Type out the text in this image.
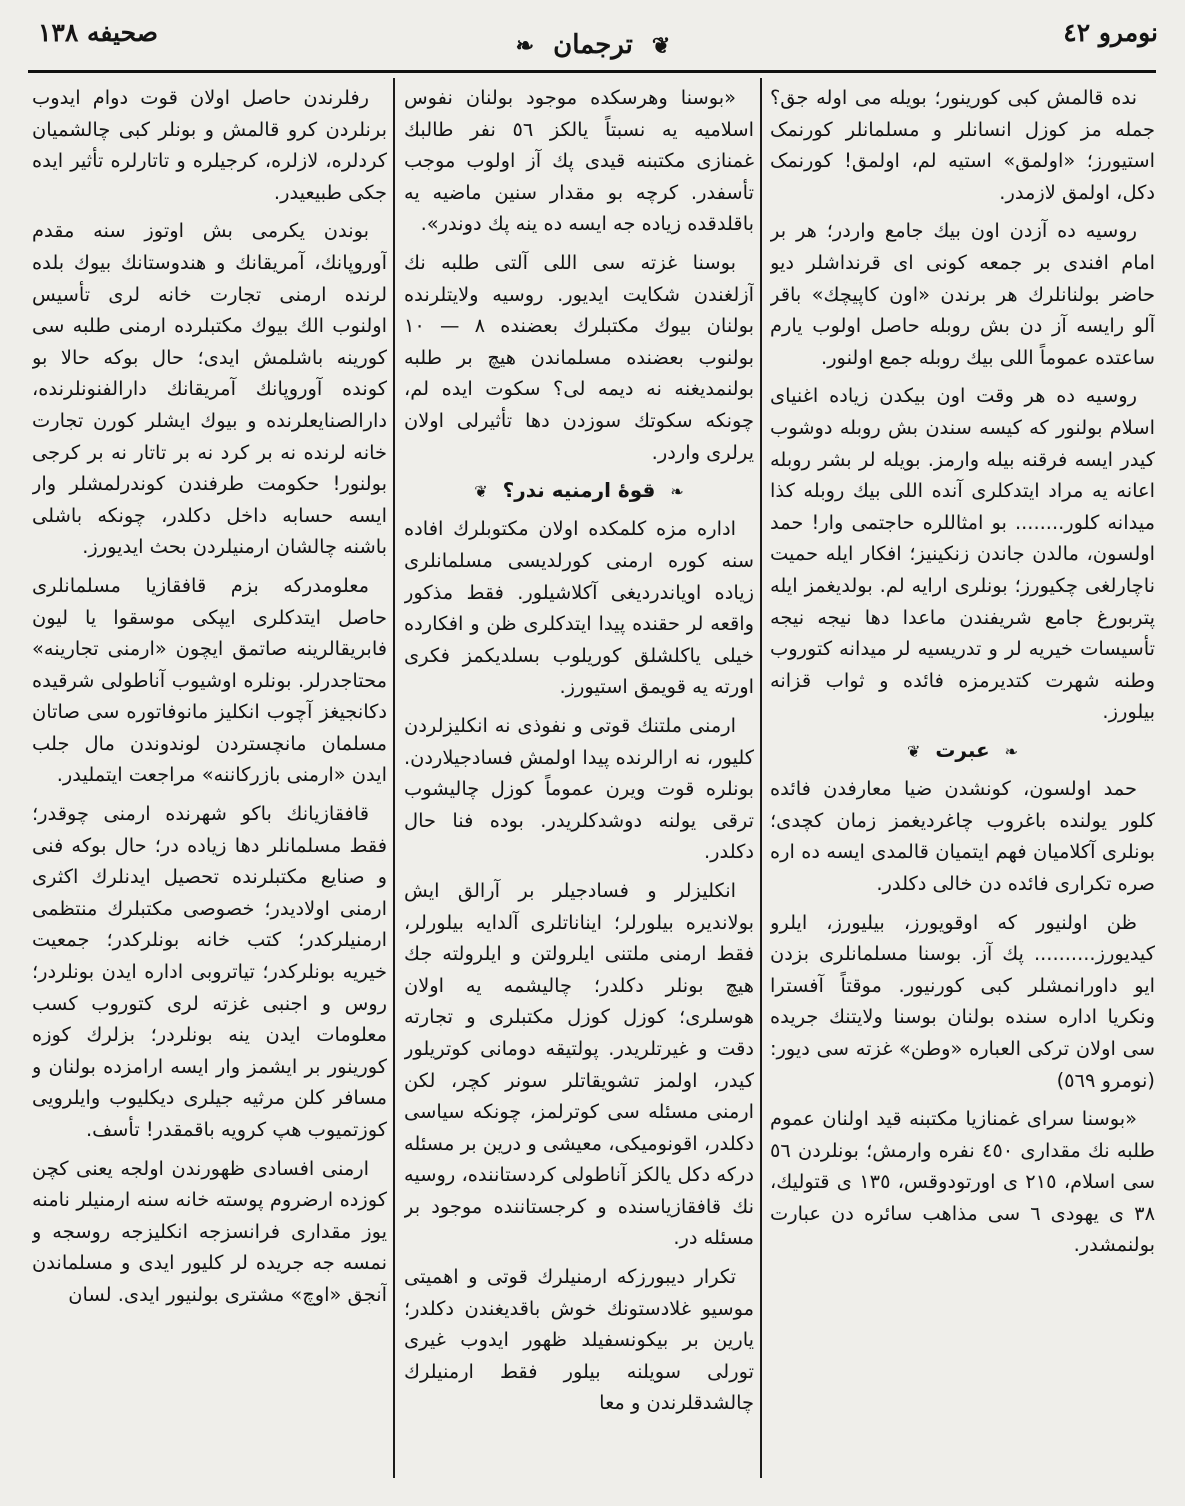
نومرو ٤٢
❦ ترجمان ❧
صحیفه ١٣٨

نده قالمش کبی کورینور؛ بویله می اوله جق؟ جمله مز کوزل انسانلر و مسلمانلر کورنمک استیورز؛ «اولمق» استیه لم، اولمق! کورنمک دکل، اولمق لازمدر.

روسیه ده آزدن اون بیك جامع واردر؛ هر بر امام افندی بر جمعه کونی ای قرنداشلر دیو حاضر بولنانلرك هر برندن «اون کاپیچك» باقر آلو رایسه آز دن بش روبله حاصل اولوب یارم ساعتده عموماً اللی بیك روبله جمع اولنور.

روسیه ده هر وقت اون بیکدن زیاده اغنیای اسلام بولنور که کیسه سندن بش روبله دوشوب کیدر ایسه فرقنه بیله وارمز. بویله لر بشر روبله اعانه یه مراد ایتدکلری آنده اللی بیك روبله کذا میدانه کلور........ بو امثاللره حاجتمی وار! حمد اولسون، مالدن جاندن زنکینیز؛ افکار ایله حمیت ناچارلغی چکیورز؛ بونلری ارایه لم. بولدیغمز ایله پتربورغ جامع شریفندن ماعدا دها نیجه نیجه تأسیسات خیریه لر و تدریسیه لر میدانه کتوروب وطنه شهرت کتدیرمزه فائده و ثواب قزانه بیلورز.

❧ عبرت ❦

حمد اولسون، کونشدن ضیا معارفدن فائده کلور یولنده باغروب چاغردیغمز زمان کچدی؛ بونلری آکلامیان فهم ایتمیان قالمدی ایسه ده اره صره تکراری فائده دن خالی دکلدر.

ظن اولنیور که اوقویورز، بیلیورز، ایلرو کیدیورز.......... پك آز. بوسنا مسلمانلری بزدن ایو داورانمشلر کبی کورنیور. موقتاً آفسترا ونکریا اداره سنده بولنان بوسنا ولایتنك جریده سی اولان ترکی العباره «وطن» غزته سی دیور: (نومرو ٥٦٩)

«بوسنا سرای غمنازیا مکتبنه قید اولنان عموم طلبه نك مقداری ٤٥٠ نفره وارمش؛ بونلردن ٥٦ سی اسلام، ٢١٥ ی اورتودوقس، ١٣٥ ی قتولیك، ٣٨ ی یهودی ٦ سی مذاهب سائره دن عبارت بولنمشدر.

«بوسنا وهرسکده موجود بولنان نفوس اسلامیه یه نسبتاً یالکز ٥٦ نفر طالبك غمنازی مکتبنه قیدی پك آز اولوب موجب تأسفدر. کرچه بو مقدار سنین ماضیه یه باقلدقده زیاده جه ایسه ده ینه پك دوندر».

بوسنا غزته سی اللی آلتی طلبه نك آزلغندن شکایت ایدیور. روسیه ولایتلرنده بولنان بیوك مکتبلرك بعضنده ٨ — ١٠ بولنوب بعضنده مسلماندن هیچ بر طلبه بولنمدیغنه نه دیمه لی؟ سکوت ایده لم، چونکه سکوتك سوزدن دها تأثیرلی اولان یرلری واردر.

❧ قوۀ ارمنیه ندر؟ ❦

اداره مزه کلمکده اولان مکتوبلرك افاده سنه کوره ارمنی کورلدیسی مسلمانلری زیاده اویاندردیغی آکلاشیلور. فقط مذکور واقعه لر حقنده پیدا ایتدکلری ظن و افکارده خیلی یاکلشلق کوریلوب بسلدیکمز فکری اورته یه قویمق استیورز.

ارمنی ملتنك قوتی و نفوذی نه انکلیزلردن کلیور، نه ارالرنده پیدا اولمش فسادجیلاردن. بونلره قوت ویرن عموماً کوزل چالیشوب ترقی یولنه دوشدکلریدر. بوده فنا حال دکلدر.

انکلیزلر و فسادجیلر بر آرالق ایش بولاندیره بیلورلر؛ ایناناتلری آلدایه بیلورلر، فقط ارمنی ملتنی ایلرولتن و ایلرولته جك هیچ بونلر دکلدر؛ چالیشمه یه اولان هوسلری؛ کوزل کوزل مکتبلری و تجارته دقت و غیرتلریدر. پولتیقه دومانی کوتریلور کیدر، اولمز تشویقاتلر سونر کچر، لکن ارمنی مسئله سی کوترلمز، چونکه سیاسی دکلدر، اقونومیکی، معیشی و درین بر مسئله درکه دکل یالکز آناطولی کردستاننده، روسیه نك قافقازیاسنده و کرجستاننده موجود بر مسئله در.

تکرار دیبورزکه ارمنیلرك قوتی و اهمیتی موسیو غلادستونك خوش باقدیغندن دکلدر؛ یارین بر بیکونسفیلد ظهور ایدوب غیری تورلی سویلنه بیلور فقط ارمنیلرك چالشدقلرندن و معا

رفلرندن حاصل اولان قوت دوام ایدوب برنلردن کرو قالمش و بونلر کبی چالشمیان کردلره، لازلره، کرجیلره و تاتارلره تأثیر ایده جکی طبیعیدر.

بوندن یکرمی بش اوتوز سنه مقدم آوروپانك، آمریقانك و هندوستانك بیوك بلده لرنده ارمنی تجارت خانه لری تأسیس اولنوب الك بیوك مکتبلرده ارمنی طلبه سی کورینه باشلمش ایدی؛ حال بوکه حالا بو کونده آوروپانك آمریقانك دارالفنونلرنده، دارالصنایعلرنده و بیوك ایشلر کورن تجارت خانه لرنده نه بر کرد نه بر تاتار نه بر کرجی بولنور! حکومت طرفندن کوندرلمشلر وار ایسه حسابه داخل دکلدر، چونکه باشلی باشنه چالشان ارمنیلردن بحث ایدیورز.

معلومدرکه بزم قافقازیا مسلمانلری حاصل ایتدکلری ایپکی موسقوا یا لیون فابریقالرینه صاتمق ایچون «ارمنی تجارینه» محتاجدرلر. بونلره اوشیوب آناطولی شرقیده دکانجیغز آچوب انکلیز مانوفاتوره سی صاتان مسلمان مانچستردن لوندوندن مال جلب ایدن «ارمنی بازرکاننه» مراجعت ایتملیدر.

قافقازیانك باکو شهرنده ارمنی چوقدر؛ فقط مسلمانلر دها زیاده در؛ حال بوکه فنی و صنایع مکتبلرنده تحصیل ایدنلرك اکثری ارمنی اولادیدر؛ خصوصی مکتبلرك منتظمی ارمنیلرکدر؛ کتب خانه بونلرکدر؛ جمعیت خیریه بونلرکدر؛ تیاتروبی اداره ایدن بونلردر؛ روس و اجنبی غزته لری کتوروب کسب معلومات ایدن ینه بونلردر؛ بزلرك کوزه کورینور بر ایشمز وار ایسه ارامزده بولنان و مسافر کلن مرثیه جیلری دیکلیوب وایلرویی کوزتمیوب هپ کرویه باقمقدر! تأسف.

ارمنی افسادی ظهورندن اولجه یعنی کچن کوزده ارضروم پوسته خانه سنه ارمنیلر نامنه یوز مقداری فرانسزجه انکلیزجه روسجه و نمسه جه جریده لر کلیور ایدی و مسلماندن آنجق «اوچ» مشتری بولنیور ایدی. لسان
